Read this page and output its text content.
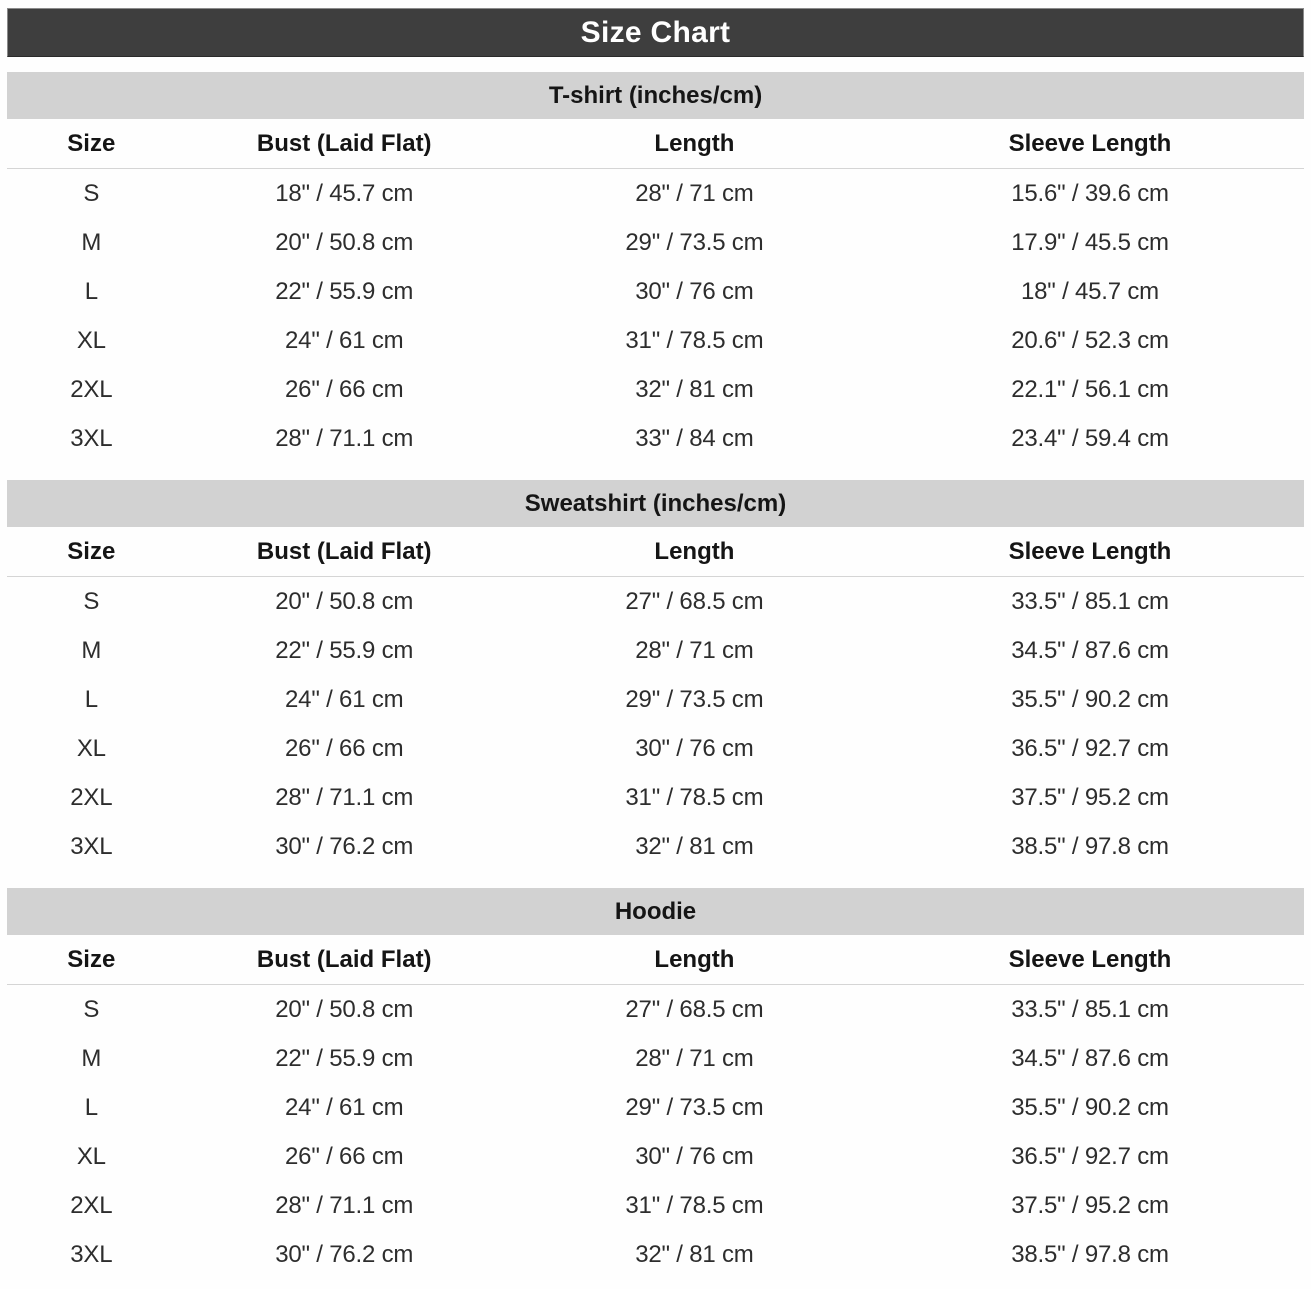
Size Chart
T-shirt (inches/cm)
Size	Bust (Laid Flat)	Length	Sleeve Length
S	18" / 45.7 cm	28" / 71 cm	15.6" / 39.6 cm
M	20" / 50.8 cm	29" / 73.5 cm	17.9" / 45.5 cm
L	22" / 55.9 cm	30" / 76 cm	18" / 45.7 cm
XL	24" / 61 cm	31" / 78.5 cm	20.6" / 52.3 cm
2XL	26" / 66 cm	32" / 81 cm	22.1" / 56.1 cm
3XL	28" / 71.1 cm	33" / 84 cm	23.4" / 59.4 cm
Sweatshirt (inches/cm)
Size	Bust (Laid Flat)	Length	Sleeve Length
S	20" / 50.8 cm	27" / 68.5 cm	33.5" / 85.1 cm
M	22" / 55.9 cm	28" / 71 cm	34.5" / 87.6 cm
L	24" / 61 cm	29" / 73.5 cm	35.5" / 90.2 cm
XL	26" / 66 cm	30" / 76 cm	36.5" / 92.7 cm
2XL	28" / 71.1 cm	31" / 78.5 cm	37.5" / 95.2 cm
3XL	30" / 76.2 cm	32" / 81 cm	38.5" / 97.8 cm
Hoodie
Size	Bust (Laid Flat)	Length	Sleeve Length
S	20" / 50.8 cm	27" / 68.5 cm	33.5" / 85.1 cm
M	22" / 55.9 cm	28" / 71 cm	34.5" / 87.6 cm
L	24" / 61 cm	29" / 73.5 cm	35.5" / 90.2 cm
XL	26" / 66 cm	30" / 76 cm	36.5" / 92.7 cm
2XL	28" / 71.1 cm	31" / 78.5 cm	37.5" / 95.2 cm
3XL	30" / 76.2 cm	32" / 81 cm	38.5" / 97.8 cm
